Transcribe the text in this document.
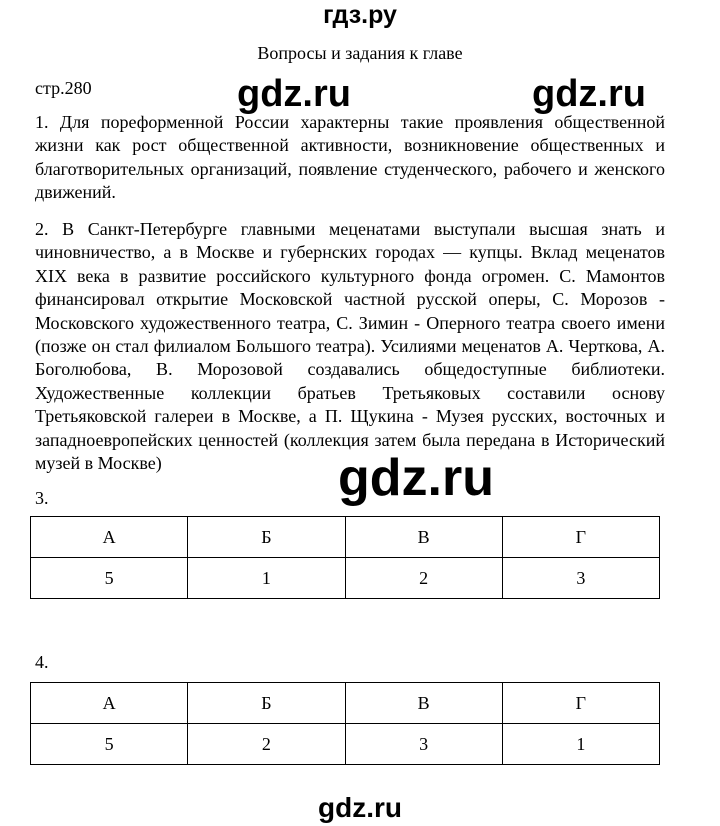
гдз.ру
Вопросы и задания к главе
стр.280	gdz.ru	gdz.ru

1. Для пореформенной России характерны такие проявления общественной жизни как рост общественной активности, возникновение общественных и благотворительных организаций, появление студенческого, рабочего и женского движений.

2. В Санкт-Петербурге главными меценатами выступали высшая знать и чиновничество, а в Москве и губернских городах — купцы. Вклад меценатов XIX века в развитие российского культурного фонда огромен. С. Мамонтов финансировал открытие Московской частной русской оперы, С. Морозов - Московского художественного театра, С. Зимин - Оперного театра своего имени (позже он стал филиалом Большого театра). Усилиями меценатов А. Черткова, А. Боголюбова, В. Морозовой создавались общедоступные библиотеки. Художественные коллекции братьев Третьяковых составили основу Третьяковской галереи в Москве, а П. Щукина - Музея русских, восточных и западноевропейских ценностей (коллекция затем была передана в Исторический музей в Москве)	gdz.ru
3.
А	Б	В	Г
5	1	2	3
4.
А	Б	В	Г
5	2	3	1
gdz.ru
